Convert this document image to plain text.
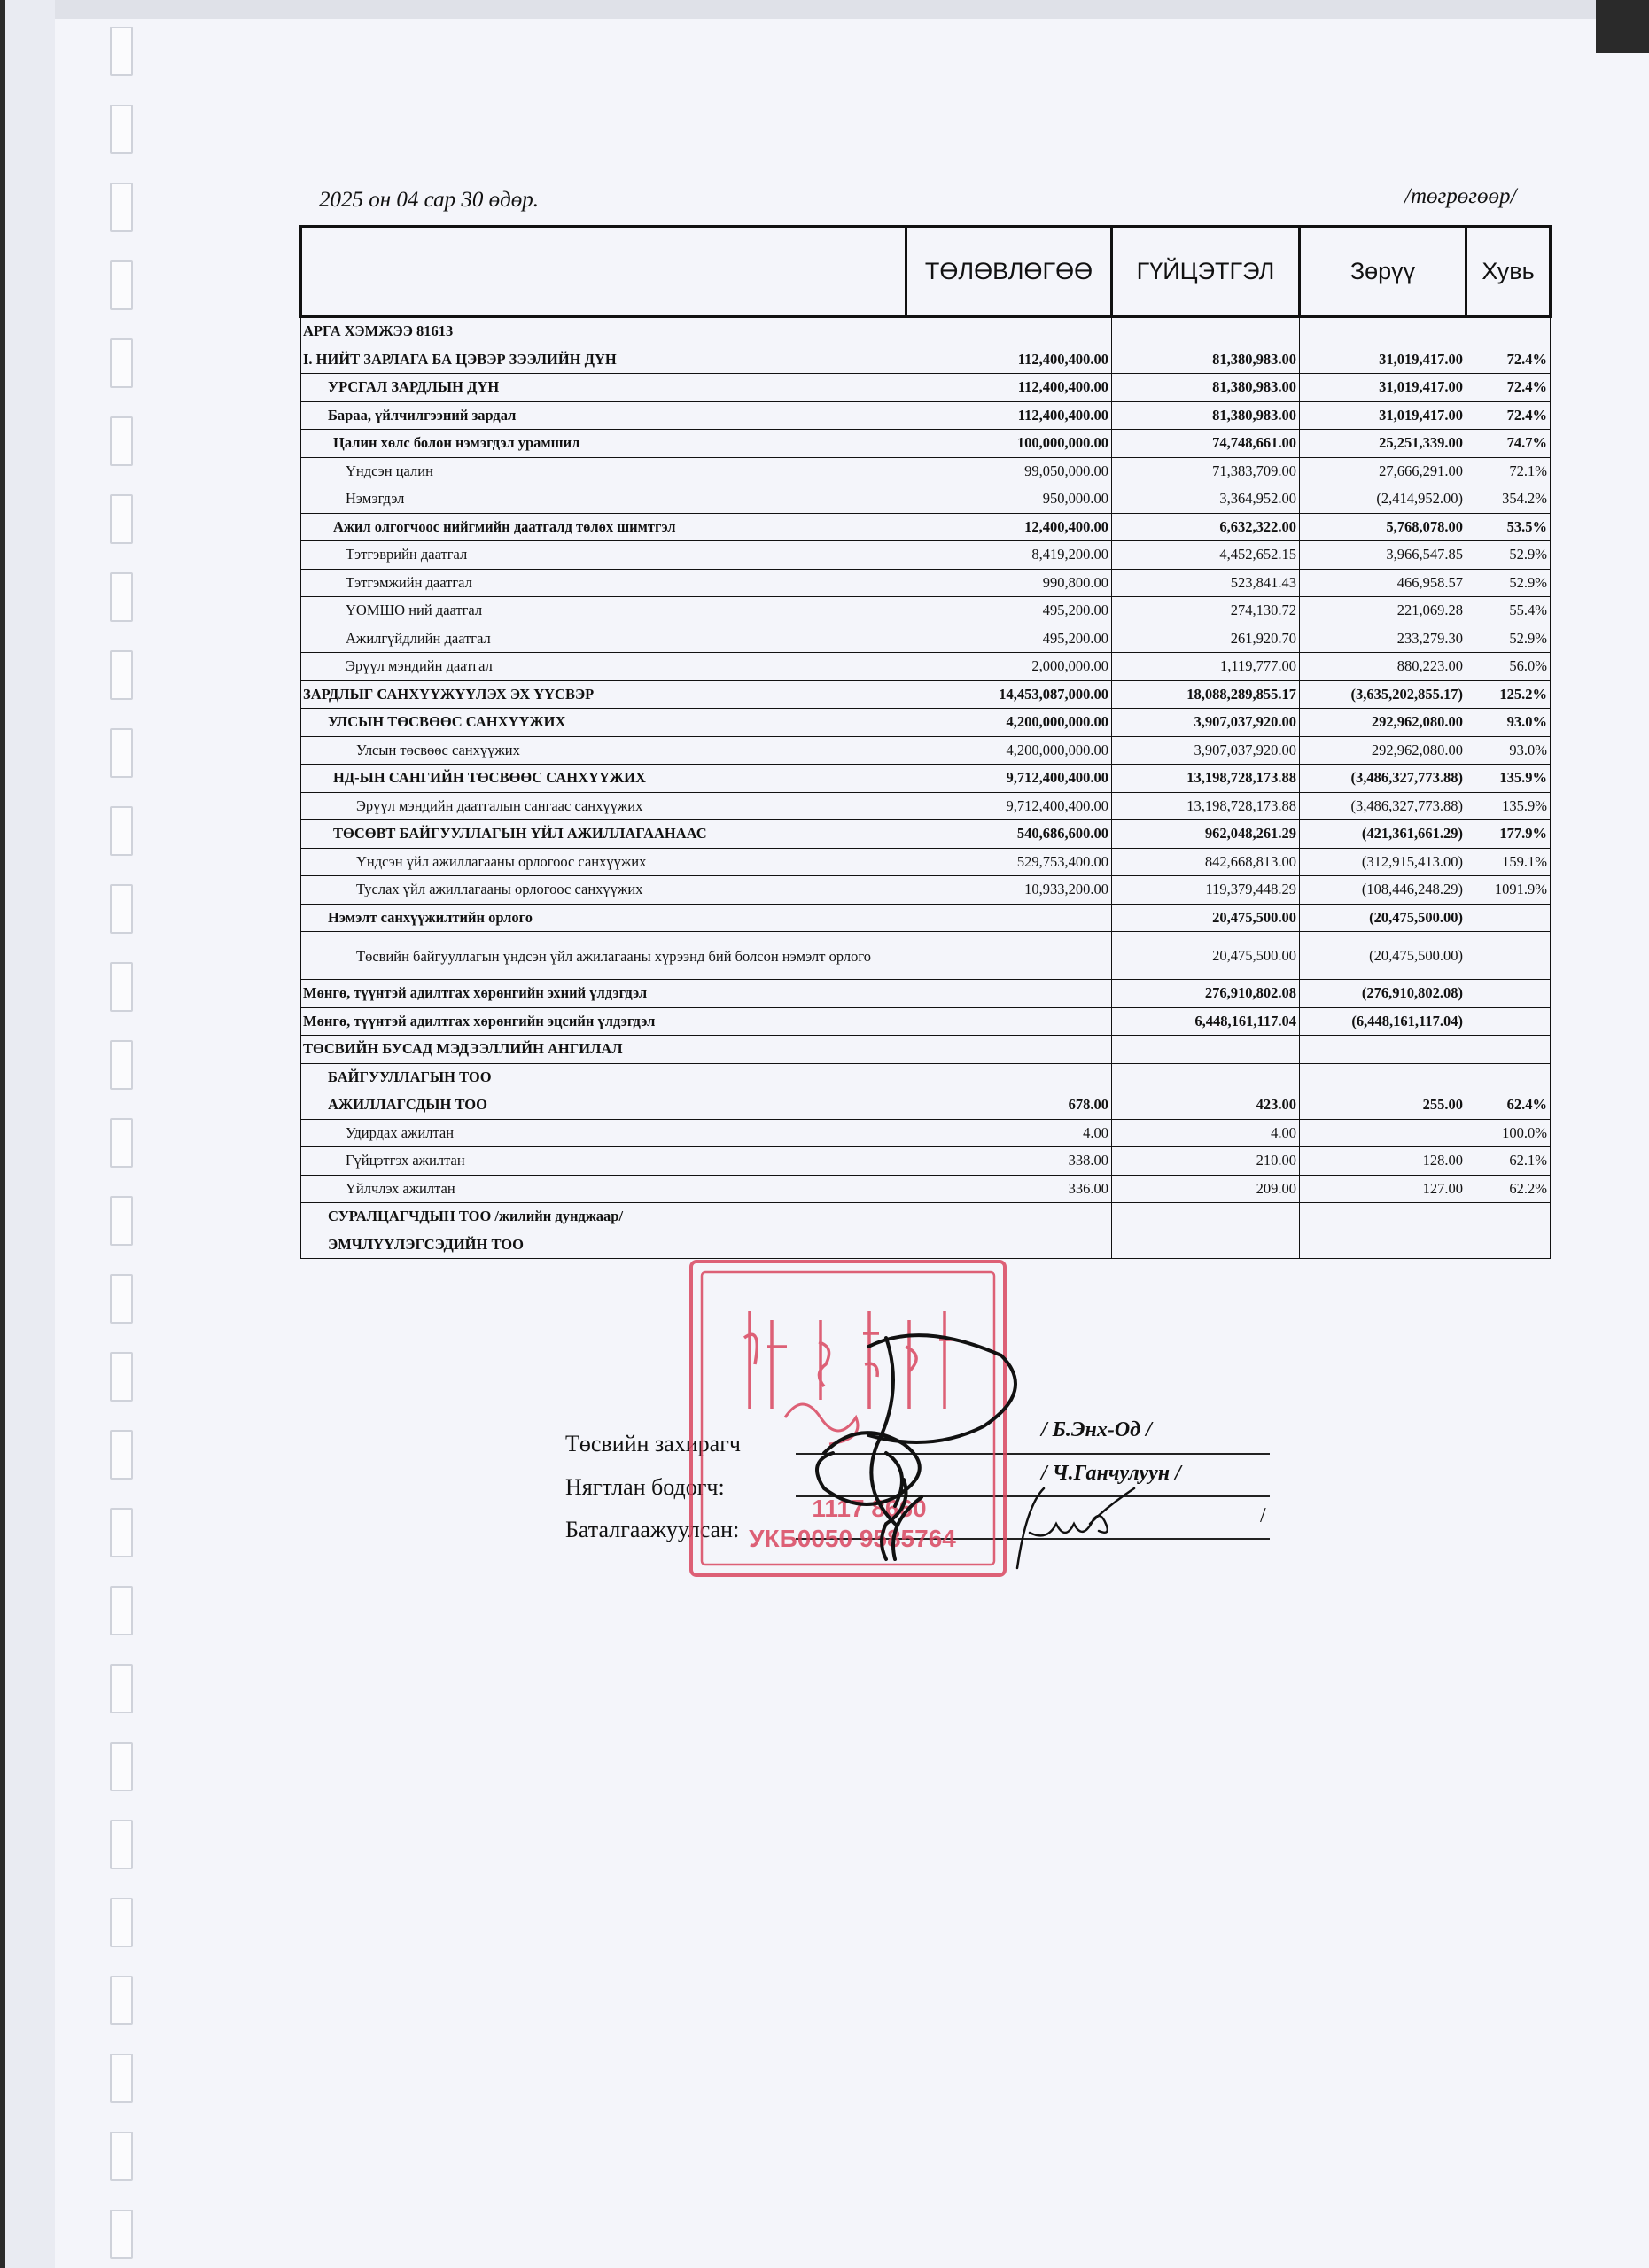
2025 он 04 сар 30 өдөр.	/төгрөгөөр/
	ТӨЛӨВЛӨГӨӨ	ГҮЙЦЭТГЭЛ	Зөрүү	Хувь
АРГА ХЭМЖЭЭ 81613				
I. НИЙТ ЗАРЛАГА БА ЦЭВЭР ЗЭЭЛИЙН ДҮН	112,400,400.00	81,380,983.00	31,019,417.00	72.4%
УРСГАЛ ЗАРДЛЫН ДҮН	112,400,400.00	81,380,983.00	31,019,417.00	72.4%
Бараа, үйлчилгээний зардал	112,400,400.00	81,380,983.00	31,019,417.00	72.4%
Цалин хөлс болон нэмэгдэл урамшил	100,000,000.00	74,748,661.00	25,251,339.00	74.7%
Үндсэн цалин	99,050,000.00	71,383,709.00	27,666,291.00	72.1%
Нэмэгдэл	950,000.00	3,364,952.00	(2,414,952.00)	354.2%
Ажил олгогчоос нийгмийн даатгалд төлөх шимтгэл	12,400,400.00	6,632,322.00	5,768,078.00	53.5%
Тэтгэврийн даатгал	8,419,200.00	4,452,652.15	3,966,547.85	52.9%
Тэтгэмжийн даатгал	990,800.00	523,841.43	466,958.57	52.9%
ҮОМШӨ ний даатгал	495,200.00	274,130.72	221,069.28	55.4%
Ажилгүйдлийн даатгал	495,200.00	261,920.70	233,279.30	52.9%
Эрүүл мэндийн даатгал	2,000,000.00	1,119,777.00	880,223.00	56.0%
ЗАРДЛЫГ САНХҮҮЖҮҮЛЭХ ЭХ ҮҮСВЭР	14,453,087,000.00	18,088,289,855.17	(3,635,202,855.17)	125.2%
УЛСЫН ТӨСВӨӨС САНХҮҮЖИХ	4,200,000,000.00	3,907,037,920.00	292,962,080.00	93.0%
Улсын төсвөөс санхүүжих	4,200,000,000.00	3,907,037,920.00	292,962,080.00	93.0%
НД-ЫН САНГИЙН ТӨСВӨӨС САНХҮҮЖИХ	9,712,400,400.00	13,198,728,173.88	(3,486,327,773.88)	135.9%
Эрүүл мэндийн даатгалын сангаас санхүүжих	9,712,400,400.00	13,198,728,173.88	(3,486,327,773.88)	135.9%
ТӨСӨВТ БАЙГУУЛЛАГЫН ҮЙЛ АЖИЛЛАГААНААС	540,686,600.00	962,048,261.29	(421,361,661.29)	177.9%
Үндсэн үйл ажиллагааны орлогоос санхүүжих	529,753,400.00	842,668,813.00	(312,915,413.00)	159.1%
Туслах үйл ажиллагааны орлогоос санхүүжих	10,933,200.00	119,379,448.29	(108,446,248.29)	1091.9%
Нэмэлт санхүүжилтийн орлого		20,475,500.00	(20,475,500.00)	
Төсвийн байгууллагын үндсэн үйл ажилагааны хүрээнд бий болсон нэмэлт орлого		20,475,500.00	(20,475,500.00)	
Мөнгө, түүнтэй адилтгах хөрөнгийн эхний үлдэгдэл		276,910,802.08	(276,910,802.08)	
Мөнгө, түүнтэй адилтгах хөрөнгийн эцсийн үлдэгдэл		6,448,161,117.04	(6,448,161,117.04)	
ТӨСВИЙН БУСАД МЭДЭЭЛЛИЙН АНГИЛАЛ				
БАЙГУУЛЛАГЫН ТОО				
АЖИЛЛАГСДЫН ТОО	678.00	423.00	255.00	62.4%
Удирдах ажилтан	4.00	4.00		100.0%
Гүйцэтгэх ажилтан	338.00	210.00	128.00	62.1%
Үйлчлэх ажилтан	336.00	209.00	127.00	62.2%
СУРАЛЦАГЧДЫН ТОО /жилийн дунджаар/				
ЭМЧЛҮҮЛЭГСЭДИЙН ТОО				
Төсвийн захирагч
/ Б.Энх-Од /
Нягтлан бодогч:
/ Ч.Ганчулуун /
Баталгаажуулсан:
/
1117 8660
УКБ0050 9585764
